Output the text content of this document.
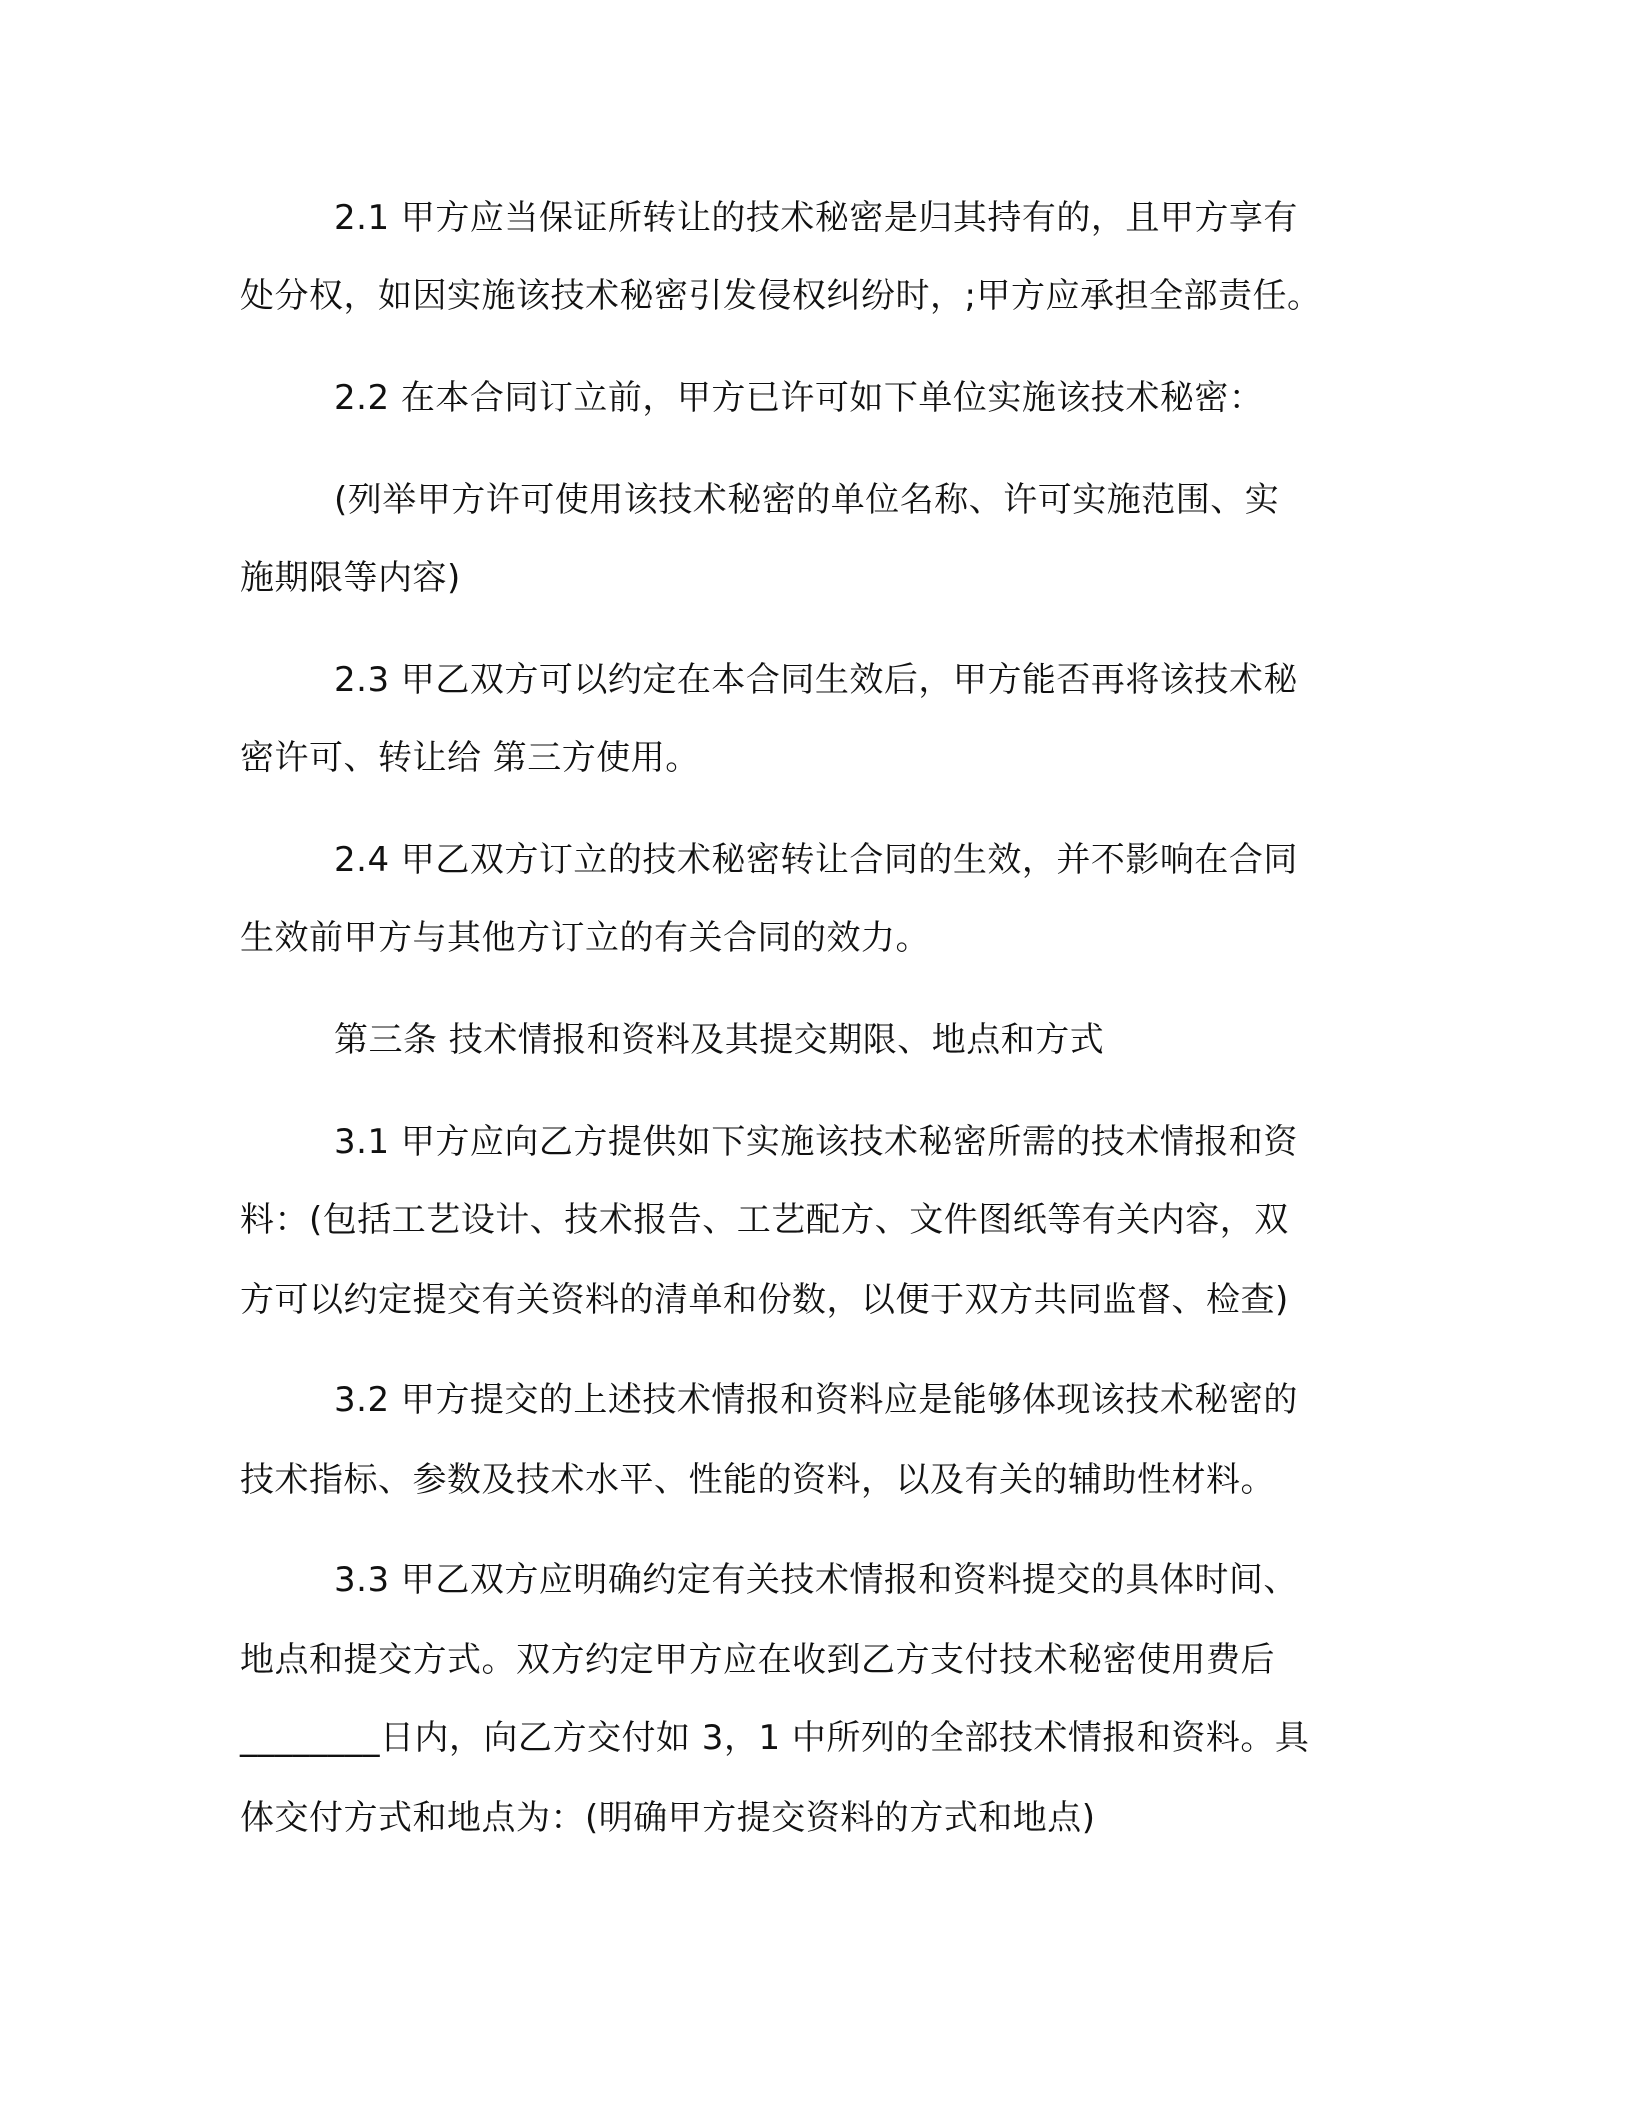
2.1 甲方应当保证所转让的技术秘密是归其持有的，且甲方享有
处分权，如因实施该技术秘密引发侵权纠纷时，;甲方应承担全部责任。
2.2 在本合同订立前，甲方已许可如下单位实施该技术秘密：
(列举甲方许可使用该技术秘密的单位名称、许可实施范围、实
施期限等内容)
2.3 甲乙双方可以约定在本合同生效后，甲方能否再将该技术秘
密许可、转让给 第三方使用。
2.4 甲乙双方订立的技术秘密转让合同的生效，并不影响在合同
生效前甲方与其他方订立的有关合同的效力。
第三条 技术情报和资料及其提交期限、地点和方式
3.1 甲方应向乙方提供如下实施该技术秘密所需的技术情报和资
料：(包括工艺设计、技术报告、工艺配方、文件图纸等有关内容，双
方可以约定提交有关资料的清单和份数，以便于双方共同监督、检查)
3.2 甲方提交的上述技术情报和资料应是能够体现该技术秘密的
技术指标、参数及技术水平、性能的资料，以及有关的辅助性材料。
3.3 甲乙双方应明确约定有关技术情报和资料提交的具体时间、
地点和提交方式。双方约定甲方应在收到乙方支付技术秘密使用费后
________日内，向乙方交付如 3，1 中所列的全部技术情报和资料。具
体交付方式和地点为：(明确甲方提交资料的方式和地点)
